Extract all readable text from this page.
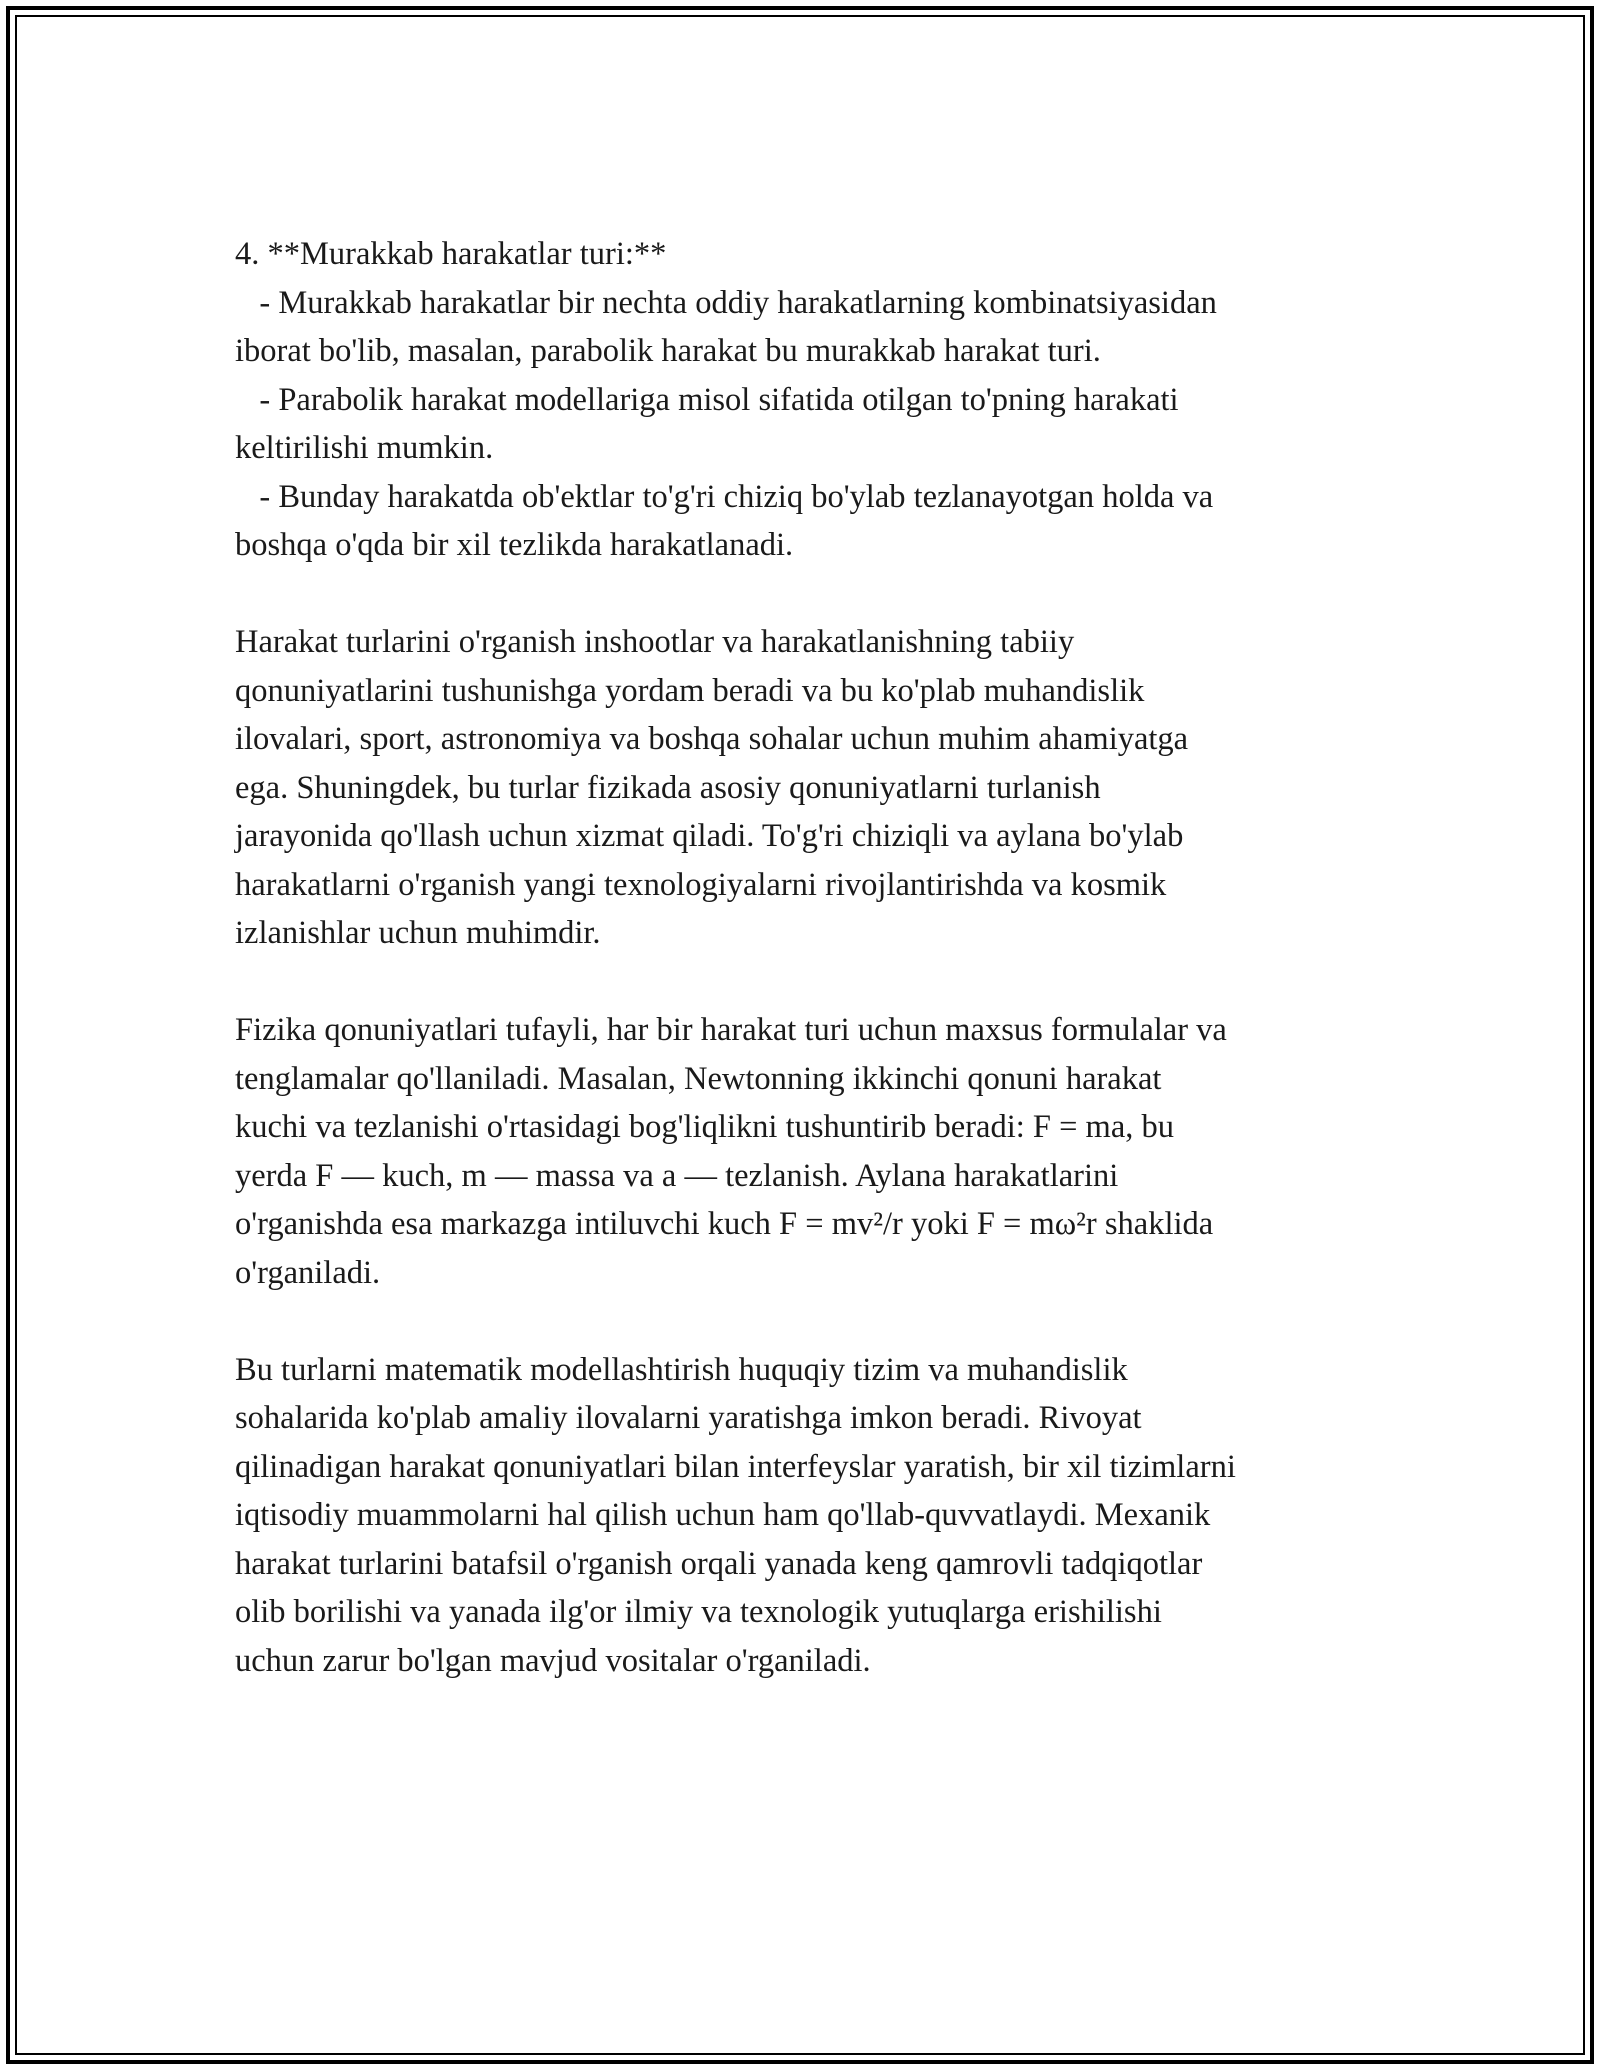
4. **Murakkab harakatlar turi:**
- Murakkab harakatlar bir nechta oddiy harakatlarning kombinatsiyasidan
iborat bo'lib, masalan, parabolik harakat bu murakkab harakat turi.
- Parabolik harakat modellariga misol sifatida otilgan to'pning harakati
keltirilishi mumkin.
- Bunday harakatda ob'ektlar to'g'ri chiziq bo'ylab tezlanayotgan holda va
boshqa o'qda bir xil tezlikda harakatlanadi.
Harakat turlarini o'rganish inshootlar va harakatlanishning tabiiy
qonuniyatlarini tushunishga yordam beradi va bu ko'plab muhandislik
ilovalari, sport, astronomiya va boshqa sohalar uchun muhim ahamiyatga
ega. Shuningdek, bu turlar fizikada asosiy qonuniyatlarni turlanish
jarayonida qo'llash uchun xizmat qiladi. To'g'ri chiziqli va aylana bo'ylab
harakatlarni o'rganish yangi texnologiyalarni rivojlantirishda va kosmik
izlanishlar uchun muhimdir.
Fizika qonuniyatlari tufayli, har bir harakat turi uchun maxsus formulalar va
tenglamalar qo'llaniladi. Masalan, Newtonning ikkinchi qonuni harakat
kuchi va tezlanishi o'rtasidagi bog'liqlikni tushuntirib beradi: F = ma, bu
yerda F — kuch, m — massa va a — tezlanish. Aylana harakatlarini
o'rganishda esa markazga intiluvchi kuch F = mv²/r yoki F = mω²r shaklida
o'rganiladi.
Bu turlarni matematik modellashtirish huquqiy tizim va muhandislik
sohalarida ko'plab amaliy ilovalarni yaratishga imkon beradi. Rivoyat
qilinadigan harakat qonuniyatlari bilan interfeyslar yaratish, bir xil tizimlarni
iqtisodiy muammolarni hal qilish uchun ham qo'llab-quvvatlaydi. Mexanik
harakat turlarini batafsil o'rganish orqali yanada keng qamrovli tadqiqotlar
olib borilishi va yanada ilg'or ilmiy va texnologik yutuqlarga erishilishi
uchun zarur bo'lgan mavjud vositalar o'rganiladi.
